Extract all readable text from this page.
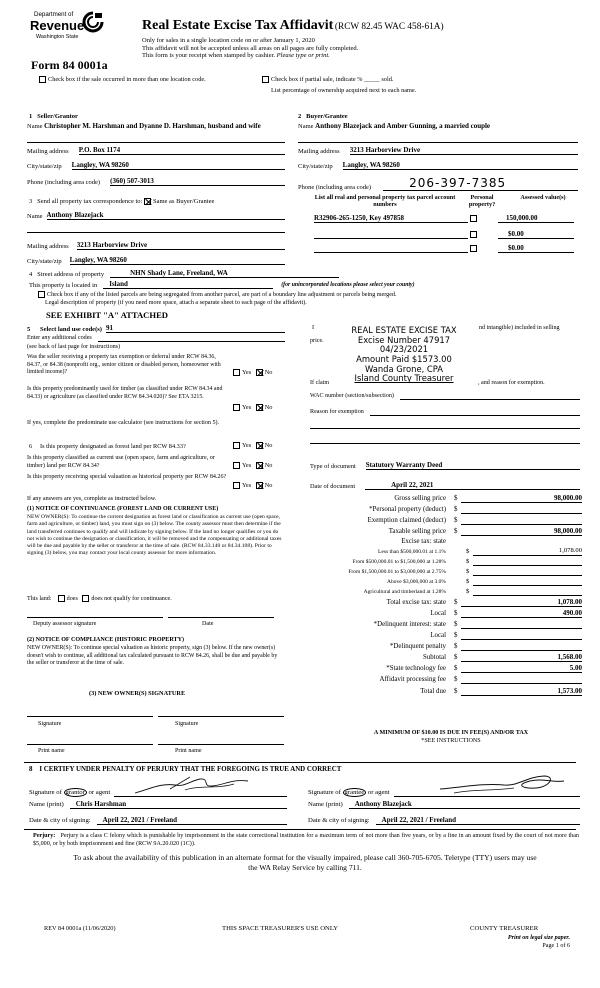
Department of
Revenue
Washington State
Form 84 0001a
Real Estate Excise Tax Affidavit (RCW 82.45 WAC 458-61A)
Only for sales in a single location code on or after January 1, 2020
This affidavit will not be accepted unless all areas on all pages are fully completed.
This form is your receipt when stamped by cashier. Please type or print.
Check box if the sale occurred in more than one location code.	Check box if partial sale, indicate % _____ sold.
List percentage of ownership acquired next to each name.
1 Seller/Grantor
Name Christopher M. Harshman and Dyanne D. Harshman, husband and wife
Mailing address P.O. Box 1174
City/state/zip Langley, WA 98260
Phone (including area code) (360) 507-3013
2 Buyer/Grantee
Name Anthony Blazejack and Amber Gunning, a married couple
Mailing address 3213 Harborview Drive
City/state/zip Langley, WA 98260
Phone (including area code)	206-397-7385
3 Send all property tax correspondence to: Same as Buyer/Grantee
Name Anthony Blazejack
Mailing address 3213 Harborview Drive
City/state/zip Langley, WA 98260
List all real and personal property tax parcel account numbers
Personal property?
Assessed value(s)
R32906-265-1250, Key 497858	150,000.00
$0.00
$0.00
4 Street address of property	NHN Shady Lane, Freeland, WA
This property is located in	Island	(for unincorporated locations please select your county)
Check box if any of the listed parcels are being segregated from another parcel, are part of a boundary line adjustment or parcels being merged.
Legal description of property (if you need more space, attach a separate sheet to each page of the affidavit).
SEE EXHIBIT "A" ATTACHED
5 Select land use code(s) 91
Enter any additional codes
(see back of last page for instructions)
Was the seller receiving a property tax exemption or deferral under RCW 84.36, 84.37, or 84.38 (nonprofit org., senior citizen or disabled person, homeowner with limited income)?	Yes No
Is this property predominantly used for timber (as classified under RCW 84.34 and 84.33) or agriculture (as classified under RCW 84.34.020)? See ETA 3215.
Yes No
If yes, complete the predominate use calculator (see instructions for section 5).
6 Is this property designated as forest land per RCW 84.33?	Yes No
Is this property classified as current use (open space, farm and agriculture, or timber) land per RCW 84.34?	Yes No
Is this property receiving special valuation as historical property per RCW 84.26?
Yes No
If any answers are yes, complete as instructed below.
(1) NOTICE OF CONTINUANCE (FOREST LAND OR CURRENT USE)
NEW OWNER(S): To continue the current designation as forest land or classification as current use (open space, farm and agriculture, or timber) land, you must sign on (3) below. The county assessor must then determine if the land transferred continues to qualify and will indicate by signing below. If the land no longer qualifies or you do not wish to continue the designation or classification, it will be removed and the compensating or additional taxes will be due and payable by the seller or transferor at the time of sale. (RCW 84.33.140 or 84.34.108). Prior to signing (3) below, you may contact your local county assessor for more information.
This land: does does not qualify for continuance.
Deputy assessor signature	Date
(2) NOTICE OF COMPLIANCE (HISTORIC PROPERTY)
NEW OWNER(S): To continue special valuation as historic property, sign (3) below. If the new owner(s) doesn't wish to continue, all additional tax calculated pursuant to RCW 84.26, shall be due and payable by the seller or transferor at the time of sale.
(3) NEW OWNER(S) SIGNATURE
Signature	Signature
Print name	Print name
I	nd intangible) included in selling
price.
If claim	, and reason for exemption.
REAL ESTATE EXCISE TAX
Excise Number 47917
04/23/2021
Amount Paid $1573.00
Wanda Grone, CPA
Island County Treasurer
WAC number (section/subsection)
Reason for exemption
Type of document Statutory Warranty Deed
Date of document	April 22, 2021
Gross selling price $	98,000.00
*Personal property (deduct) $
Exemption claimed (deduct) $
Taxable selling price $	98,000.00
Excise tax: state
Less than $500,000.01 at 1.1%	$	1,078.00
From $500,000.01 to $1,500,000 at 1.28%	$
From $1,500,000.01 to $3,000,000 at 2.75%	$
Above $3,000,000 at 3.0%	$
Agricultural and timberland at 1.28%	$
Total excise tax: state $	1,078.00
Local $	490.00
*Delinquent interest: state $
Local $
*Delinquent penalty $
Subtotal $	1,568.00
*State technology fee $	5.00
Affidavit processing fee $
Total due $	1,573.00
A MINIMUM OF $10.00 IS DUE IN FEE(S) AND/OR TAX
*SEE INSTRUCTIONS
8 I CERTIFY UNDER PENALTY OF PERJURY THAT THE FOREGOING IS TRUE AND CORRECT
Signature of grantor or agent	Signature of grantee or agent
Name (print)	Chris Harshman	Name (print)	Anthony Blazejack
Date & city of signing:	April 22, 2021 / Freeland	Date & city of signing:	April 22, 2021 / Freeland
Perjury: Perjury is a class C felony which is punishable by imprisonment in the state correctional institution for a maximum term of not more than five years, or by a fine in an amount fixed by the court of not more than $5,000, or by both imprisonment and fine (RCW 9A.20.020 (1C)).
To ask about the availability of this publication in an alternate format for the visually impaired, please call 360-705-6705. Teletype (TTY) users may use the WA Relay Service by calling 711.
REV 84 0001a (11/06/2020)	THIS SPACE TREASURER'S USE ONLY	COUNTY TREASURER
Print on legal size paper.
Page 1 of 6
